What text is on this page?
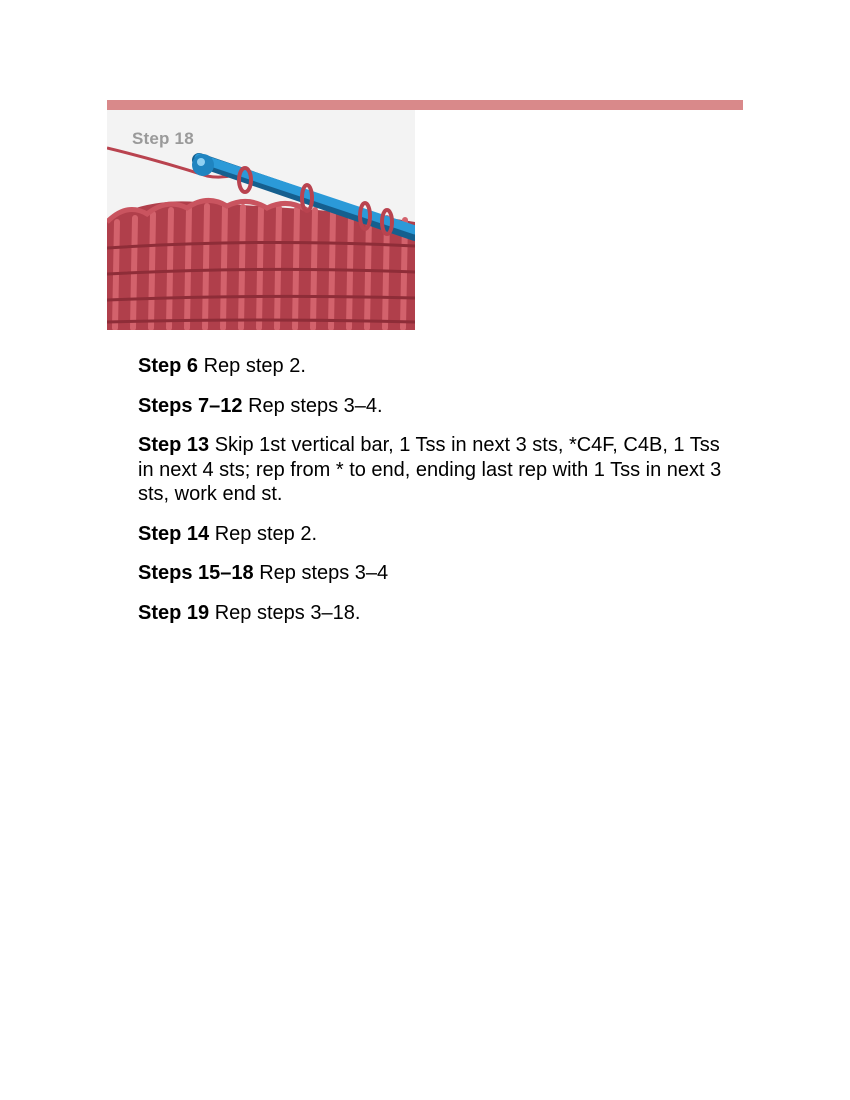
Step 18

Step 6 Rep step 2.

Steps 7–12 Rep steps 3–4.

Step 13 Skip 1st vertical bar, 1 Tss in next 3 sts, *C4F, C4B, 1 Tss in next 4 sts; rep from * to end, ending last rep with 1 Tss in next 3 sts, work end st.

Step 14 Rep step 2.

Steps 15–18 Rep steps 3–4

Step 19 Rep steps 3–18.
